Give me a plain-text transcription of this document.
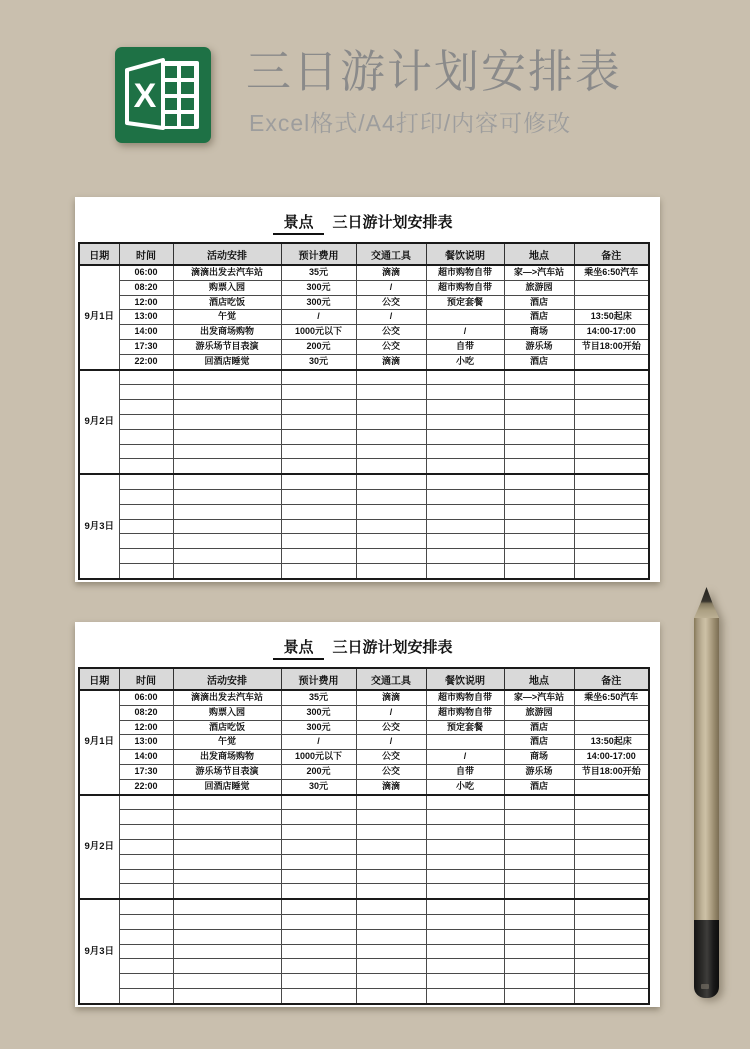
X 三日游计划安排表
Excel格式/A4打印/内容可修改
景点 三日游计划安排表
日期	时间	活动安排	预计费用	交通工具	餐饮说明	地点	备注
9月1日	06:00	滴滴出发去汽车站	35元	滴滴	超市购物自带	家—>汽车站	乘坐6:50汽车
	08:20	购票入园	300元	/	超市购物自带	旅游园	
	12:00	酒店吃饭	300元	公交	预定套餐	酒店	
	13:00	午觉	/	/		酒店	13:50起床
	14:00	出发商场购物	1000元以下	公交	/	商场	14:00-17:00
	17:30	游乐场节目表演	200元	公交	自带	游乐场	节目18:00开始
	22:00	回酒店睡觉	30元	滴滴	小吃	酒店	
9月2日							

9月3日							

景点 三日游计划安排表
日期	时间	活动安排	预计费用	交通工具	餐饮说明	地点	备注
9月1日	06:00	滴滴出发去汽车站	35元	滴滴	超市购物自带	家—>汽车站	乘坐6:50汽车
	08:20	购票入园	300元	/	超市购物自带	旅游园	
	12:00	酒店吃饭	300元	公交	预定套餐	酒店	
	13:00	午觉	/	/		酒店	13:50起床
	14:00	出发商场购物	1000元以下	公交	/	商场	14:00-17:00
	17:30	游乐场节目表演	200元	公交	自带	游乐场	节目18:00开始
	22:00	回酒店睡觉	30元	滴滴	小吃	酒店	
9月2日							

9月3日							
